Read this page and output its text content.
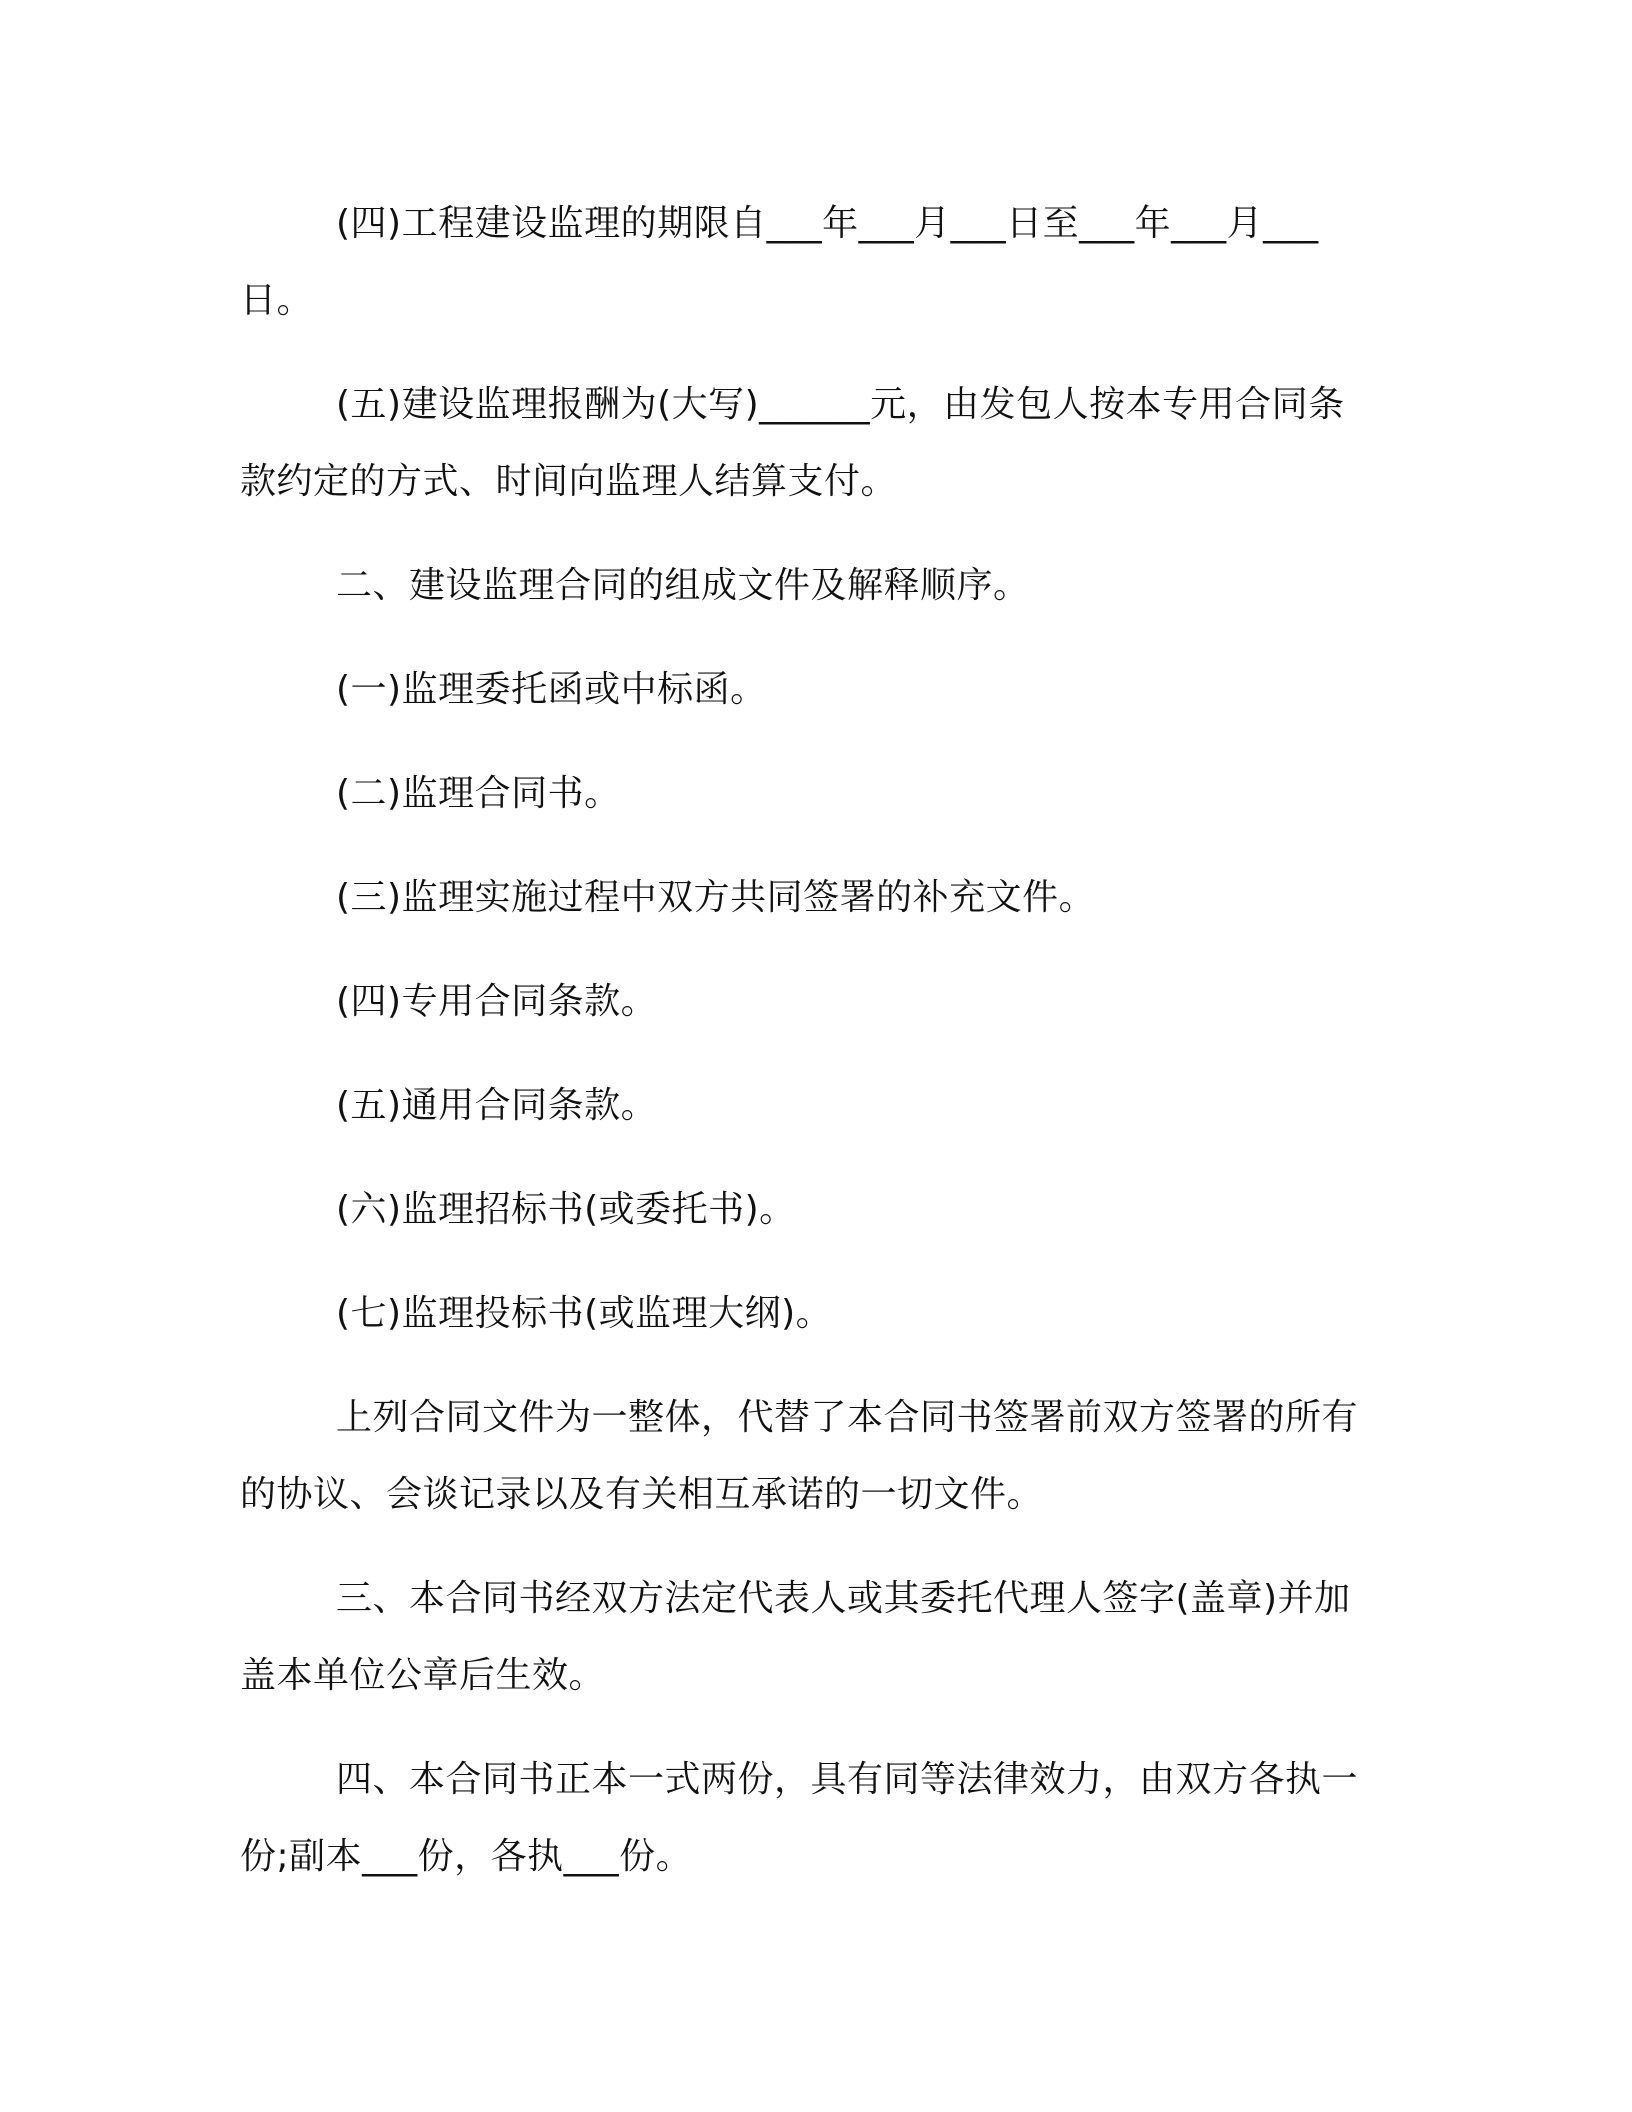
(四)工程建设监理的期限自___年___月___日至___年___月___日。

(五)建设监理报酬为(大写)______元，由发包人按本专用合同条款约定的方式、时间向监理人结算支付。

二、建设监理合同的组成文件及解释顺序。

(一)监理委托函或中标函。

(二)监理合同书。

(三)监理实施过程中双方共同签署的补充文件。

(四)专用合同条款。

(五)通用合同条款。

(六)监理招标书(或委托书)。

(七)监理投标书(或监理大纲)。

上列合同文件为一整体，代替了本合同书签署前双方签署的所有的协议、会谈记录以及有关相互承诺的一切文件。

三、本合同书经双方法定代表人或其委托代理人签字(盖章)并加盖本单位公章后生效。

四、本合同书正本一式两份，具有同等法律效力，由双方各执一份;副本___份，各执___份。
